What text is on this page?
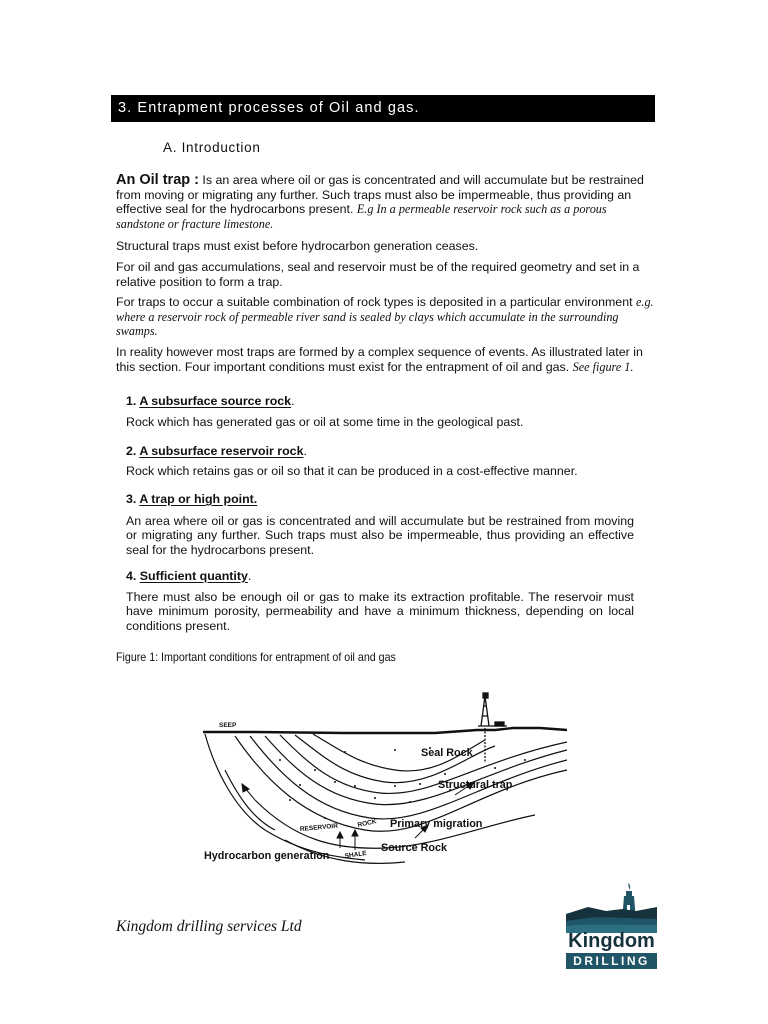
3. Entrapment processes of Oil and gas.
A. Introduction
An Oil trap : Is an area where oil or gas is concentrated and will accumulate but be restrained from moving or migrating any further. Such traps must also be impermeable, thus providing an effective seal for the hydrocarbons present. E.g In a permeable reservoir rock such as a porous sandstone or fracture limestone.
Structural traps must exist before hydrocarbon generation ceases.
For oil and gas accumulations, seal and reservoir must be of the required geometry and set in a relative position to form a trap.
For traps to occur a suitable combination of rock types is deposited in a particular environment e.g. where a reservoir rock of permeable river sand is sealed by clays which accumulate in the surrounding swamps.
In reality however most traps are formed by a complex sequence of events. As illustrated later in this section. Four important conditions must exist for the entrapment of oil and gas. See figure 1.
1. A subsurface source rock.
Rock which has generated gas or oil at some time in the geological past.
2. A subsurface reservoir rock.
Rock which retains gas or oil so that it can be produced in a cost-effective manner.
3. A trap or high point.
An area where oil or gas is concentrated and will accumulate but be restrained from moving or migrating any further. Such traps must also be impermeable, thus providing an effective seal for the hydrocarbons present.
4. Sufficient quantity.
There must also be enough oil or gas to make its extraction profitable. The reservoir must have minimum porosity, permeability and have a minimum thickness, depending on local conditions present.
Figure 1: Important conditions for entrapment of oil and gas
SEEP
Seal Rock
Structural trap
RESERVOIR	ROCK Primary migration
Source Rock
SHALE
Hydrocarbon generation
Kingdom drilling services Ltd
Kingdom
DRILLING
